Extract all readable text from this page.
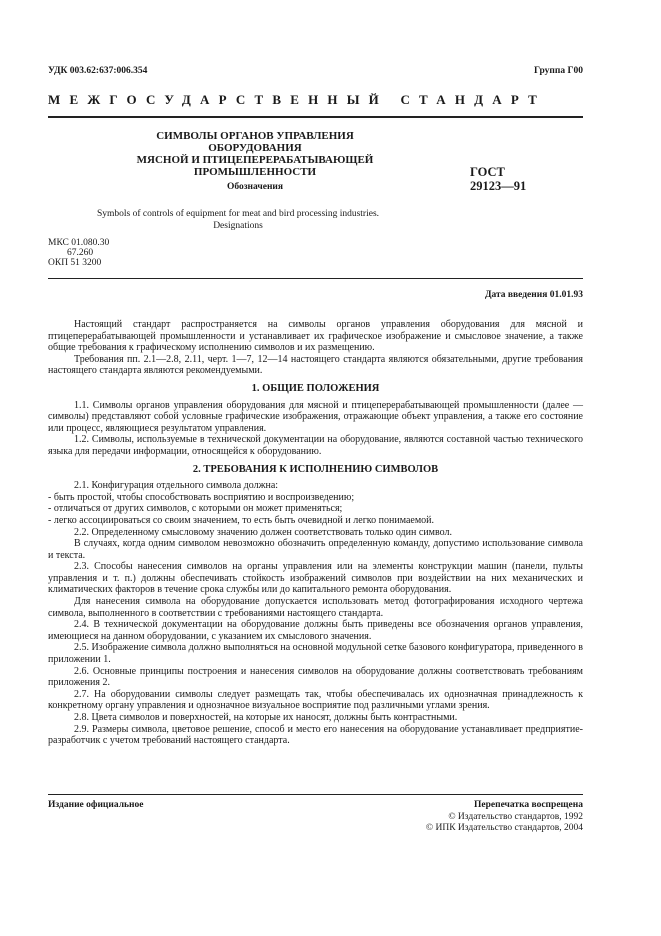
УДК 003.62:637:006.354	Группа Г00
МЕЖГОСУДАРСТВЕННЫЙ СТАНДАРТ
СИМВОЛЫ ОРГАНОВ УПРАВЛЕНИЯ ОБОРУДОВАНИЯ
МЯСНОЙ И ПТИЦЕПЕРЕРАБАТЫВАЮЩЕЙ
ПРОМЫШЛЕННОСТИ	ГОСТ
29123—91
Обозначения
Symbols of controls of equipment for meat and bird processing industries.
Designations
МКС 01.080.30
67.260
ОКП 51 3200
Дата введения 01.01.93

Настоящий стандарт распространяется на символы органов управления оборудования для мясной и птицеперерабатывающей промышленности и устанавливает их графическое изображение и смысловое значение, а также общие требования к графическому исполнению символов и их размещению.

Требования пп. 2.1—2.8, 2.11, черт. 1—7, 12—14 настоящего стандарта являются обязательными, другие требования настоящего стандарта являются рекомендуемыми.

1. ОБЩИЕ ПОЛОЖЕНИЯ

1.1. Символы органов управления оборудования для мясной и птицеперерабатывающей промышленности (далее — символы) представляют собой условные графические изображения, отражающие объект управления, а также его состояние или процесс, являющиеся результатом управления.

1.2. Символы, используемые в технической документации на оборудование, являются составной частью технического языка для передачи информации, относящейся к оборудованию.

2. ТРЕБОВАНИЯ К ИСПОЛНЕНИЮ СИМВОЛОВ

2.1. Конфигурация отдельного символа должна:

- быть простой, чтобы способствовать восприятию и воспроизведению;

- отличаться от других символов, с которыми он может применяться;

- легко ассоциироваться со своим значением, то есть быть очевидной и легко понимаемой.

2.2. Определенному смысловому значению должен соответствовать только один символ.

В случаях, когда одним символом невозможно обозначить определенную команду, допустимо использование символа и текста.

2.3. Способы нанесения символов на органы управления или на элементы конструкции машин (панели, пульты управления и т. п.) должны обеспечивать стойкость изображений символов при воздействии на них механических и климатических факторов в течение срока службы или до капитального ремонта оборудования.

Для нанесения символа на оборудование допускается использовать метод фотографирования исходного чертежа символа, выполненного в соответствии с требованиями настоящего стандарта.

2.4. В технической документации на оборудование должны быть приведены все обозначения органов управления, имеющиеся на данном оборудовании, с указанием их смыслового значения.

2.5. Изображение символа должно выполняться на основной модульной сетке базового конфигуратора, приведенного в приложении 1.

2.6. Основные принципы построения и нанесения символов на оборудование должны соответствовать требованиям приложения 2.

2.7. На оборудовании символы следует размещать так, чтобы обеспечивалась их однозначная принадлежность к конкретному органу управления и однозначное визуальное восприятие под различными углами зрения.

2.8. Цвета символов и поверхностей, на которые их наносят, должны быть контрастными.

2.9. Размеры символа, цветовое решение, способ и место его нанесения на оборудование устанавливает предприятие-разработчик с учетом требований настоящего стандарта.

Издание официальное	Перепечатка воспрещена
© Издательство стандартов, 1992
© ИПК Издательство стандартов, 2004
